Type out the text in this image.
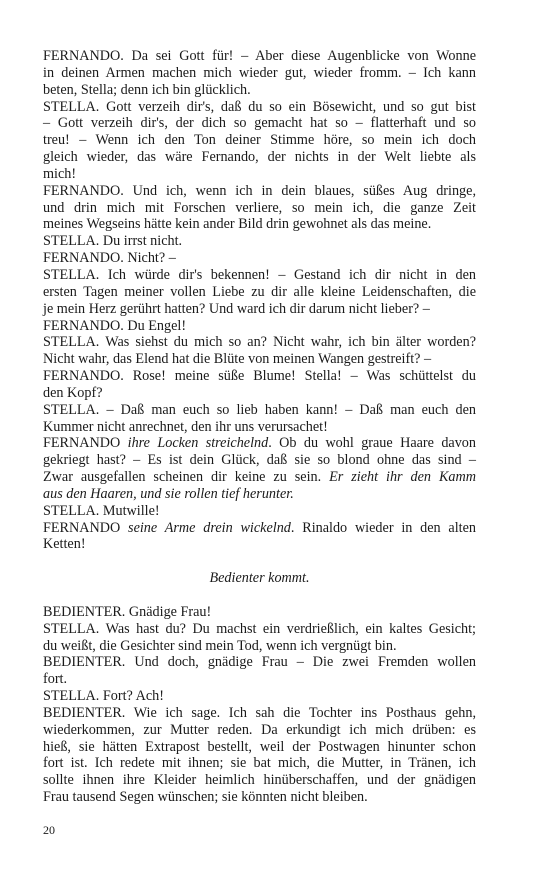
FERNANDO. Da sei Gott für! – Aber diese Augenblicke von Wonne
in deinen Armen machen mich wieder gut, wieder fromm. – Ich kann
beten, Stella; denn ich bin glücklich.
STELLA. Gott verzeih dir's, daß du so ein Bösewicht, und so gut bist
– Gott verzeih dir's, der dich so gemacht hat so – flatterhaft und so
treu! – Wenn ich den Ton deiner Stimme höre, so mein ich doch
gleich wieder, das wäre Fernando, der nichts in der Welt liebte als
mich!
FERNANDO. Und ich, wenn ich in dein blaues, süßes Aug dringe,
und drin mich mit Forschen verliere, so mein ich, die ganze Zeit
meines Wegseins hätte kein ander Bild drin gewohnet als das meine.
STELLA. Du irrst nicht.
FERNANDO. Nicht? –
STELLA. Ich würde dir's bekennen! – Gestand ich dir nicht in den
ersten Tagen meiner vollen Liebe zu dir alle kleine Leidenschaften, die
je mein Herz gerührt hatten? Und ward ich dir darum nicht lieber? –
FERNANDO. Du Engel!
STELLA. Was siehst du mich so an? Nicht wahr, ich bin älter worden?
Nicht wahr, das Elend hat die Blüte von meinen Wangen gestreift? –
FERNANDO. Rose! meine süße Blume! Stella! – Was schüttelst du
den Kopf?
STELLA. – Daß man euch so lieb haben kann! – Daß man euch den
Kummer nicht anrechnet, den ihr uns verursachet!
FERNANDO ihre Locken streichelnd. Ob du wohl graue Haare davon
gekriegt hast? – Es ist dein Glück, daß sie so blond ohne das sind –
Zwar ausgefallen scheinen dir keine zu sein. Er zieht ihr den Kamm
aus den Haaren, und sie rollen tief herunter.
STELLA. Mutwille!
FERNANDO seine Arme drein wickelnd. Rinaldo wieder in den alten
Ketten!
Bedienter kommt.
BEDIENTER. Gnädige Frau!
STELLA. Was hast du? Du machst ein verdrießlich, ein kaltes Gesicht;
du weißt, die Gesichter sind mein Tod, wenn ich vergnügt bin.
BEDIENTER. Und doch, gnädige Frau – Die zwei Fremden wollen
fort.
STELLA. Fort? Ach!
BEDIENTER. Wie ich sage. Ich sah die Tochter ins Posthaus gehn,
wiederkommen, zur Mutter reden. Da erkundigt ich mich drüben: es
hieß, sie hätten Extrapost bestellt, weil der Postwagen hinunter schon
fort ist. Ich redete mit ihnen; sie bat mich, die Mutter, in Tränen, ich
sollte ihnen ihre Kleider heimlich hinüberschaffen, und der gnädigen
Frau tausend Segen wünschen; sie könnten nicht bleiben.
20
